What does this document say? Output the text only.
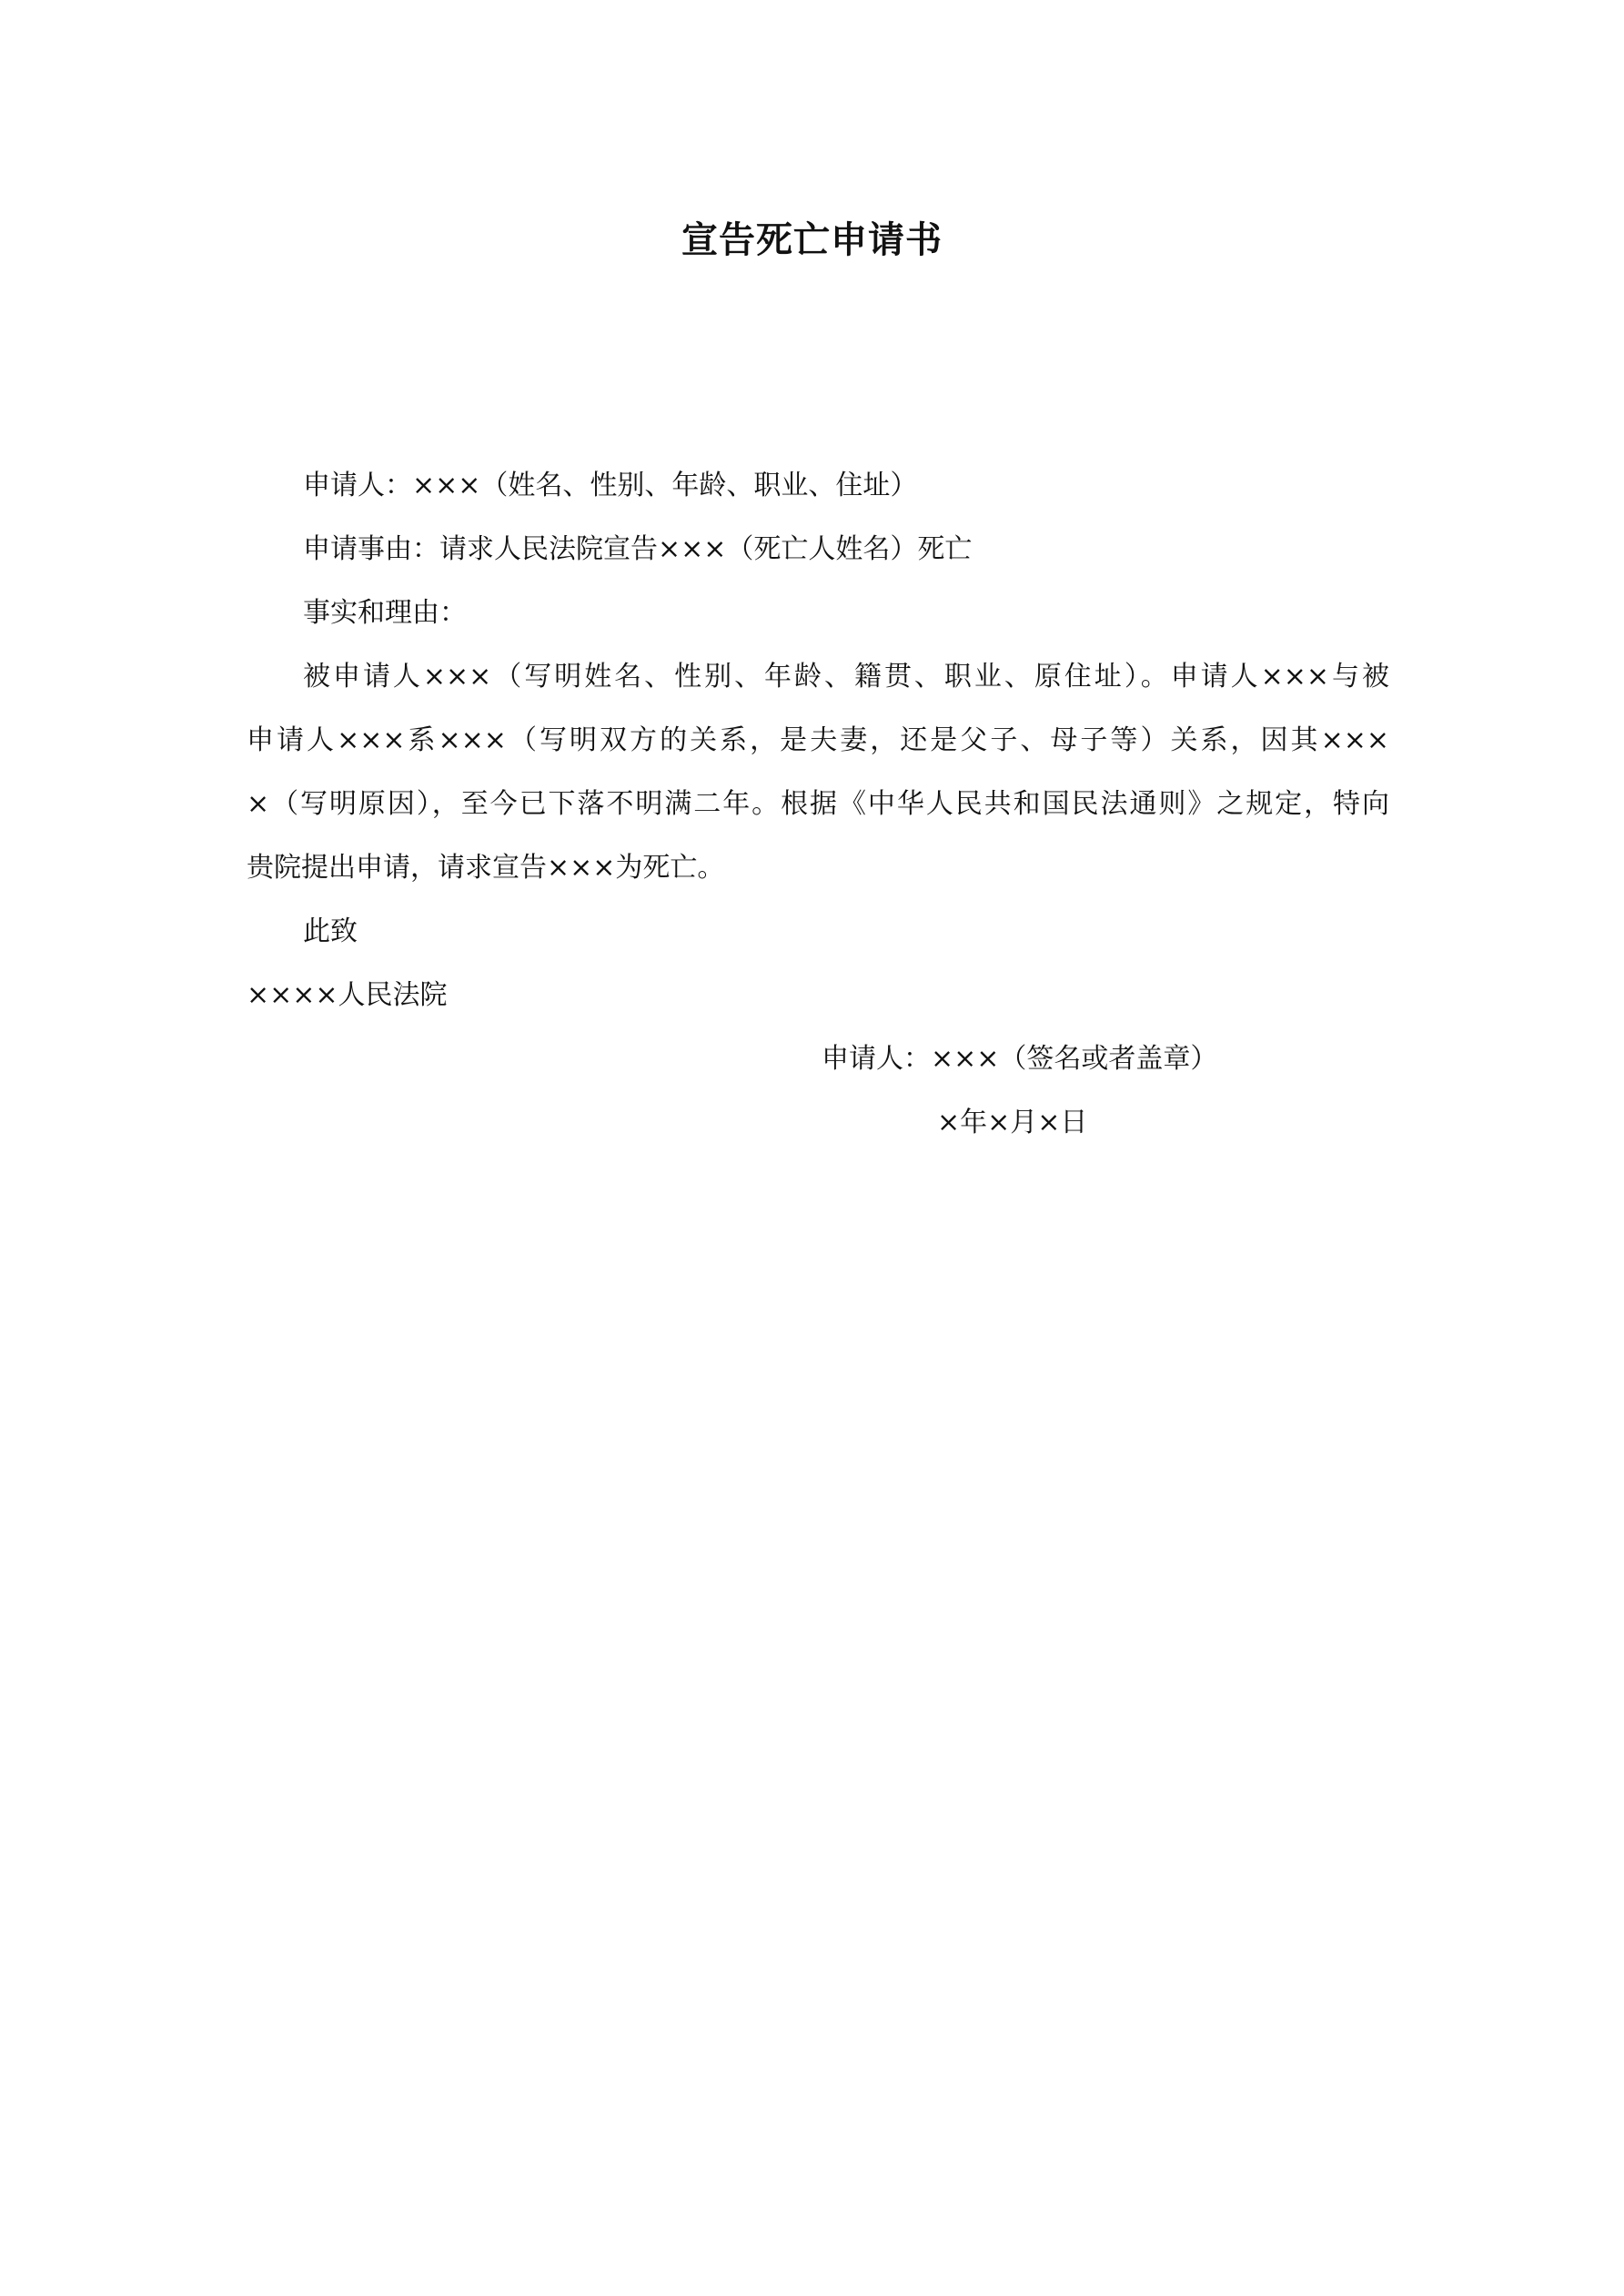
宣告死亡申请书
申请人：×××（姓名、性别、年龄、职业、住址）
申请事由：请求人民法院宣告×××（死亡人姓名）死亡
事实和理由：
被申请人×××（写明姓名、性别、年龄、籍贯、职业、原住址）。申请人×××与被
申请人×××系×××（写明双方的关系，是夫妻，还是父子、母子等）关系，因其×××
×（写明原因），至今已下落不明满二年。根据《中华人民共和国民法通则》之规定，特向
贵院提出申请，请求宣告×××为死亡。
此致
××××人民法院
申请人：×××（签名或者盖章）
×年×月×日
